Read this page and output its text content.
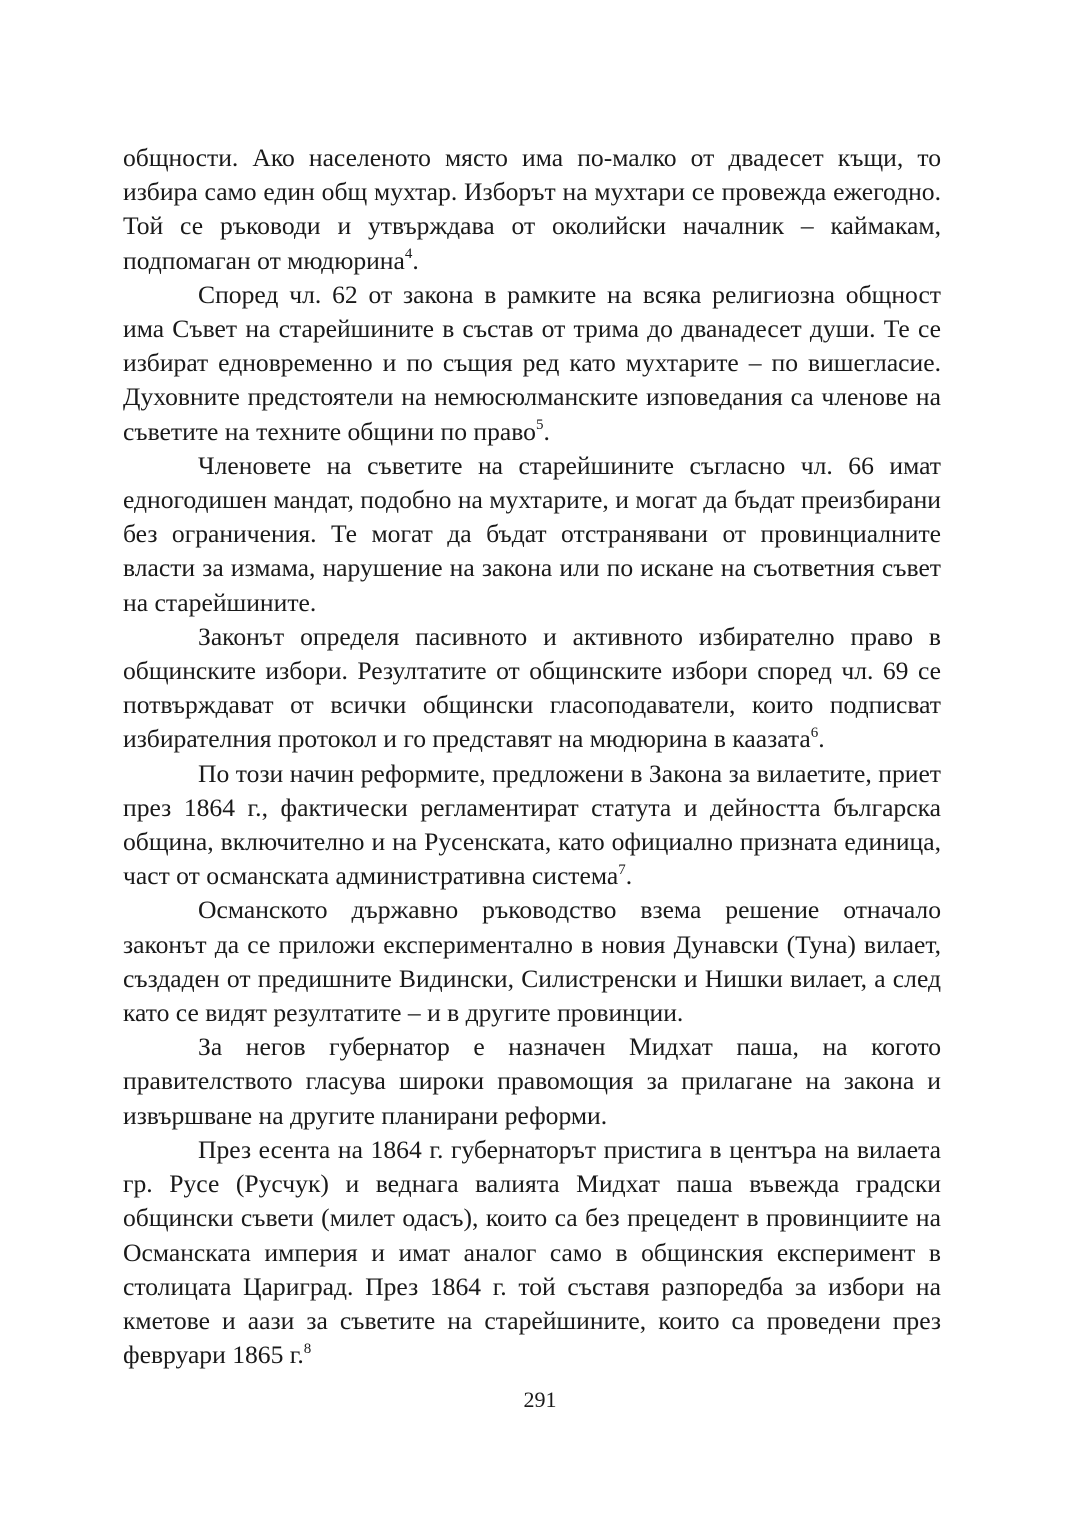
общности. Ако населеното място има по-малко от двадесет къщи, то избира само един общ мухтар. Изборът на мухтари се провежда ежегодно. Той се ръководи и утвърждава от околийски началник – каймакам, подпомаган от мюдюрина$^4$.

Според чл. 62 от закона в рамките на всяка религиозна общност има Съвет на старейшините в състав от трима до дванадесет души. Те се избират едновременно и по същия ред като мухтарите – по вишегласие. Духовните предстоятели на немюсюлманските изповедания са членове на съветите на техните общини по право$^5$.

Членовете на съветите на старейшините съгласно чл. 66 имат едногодишен мандат, подобно на мухтарите, и могат да бъдат преизбирани без ограничения. Те могат да бъдат отстранявани от провинциалните власти за измама, нарушение на закона или по искане на съответния съвет на старейшините.

Законът определя пасивното и активното избирателно право в общинските избори. Резултатите от общинските избори според чл. 69 се потвърждават от всички общински гласоподаватели, които подписват избирателния протокол и го представят на мюдюрина в каазата$^6$.

По този начин реформите, предложени в Закона за вилаетите, приет през 1864 г., фактически регламентират статута и дейността българска община, включително и на Русенската, като официално призната единица, част от османската административна система$^7$.

Османското държавно ръководство взема решение отначало законът да се приложи експериментално в новия Дунавски (Туна) вилает, създаден от предишните Видински, Силистренски и Нишки вилает, а след като се видят резултатите – и в другите провинции.

За негов губернатор е назначен Мидхат паша, на когото правителството гласува широки правомощия за прилагане на закона и извършване на другите планирани реформи.

През есента на 1864 г. губернаторът пристига в центъра на вилаета гр. Русе (Русчук) и веднага валията Мидхат паша въвежда градски общински съвети (милет одасъ), които са без прецедент в провинциите на Османската империя и имат аналог само в общинския експеримент в столицата Цариград. През 1864 г. той съставя разпоредба за избори на кметове и аази за съветите на старейшините, които са проведени през февруари 1865 г.$^8$

291
